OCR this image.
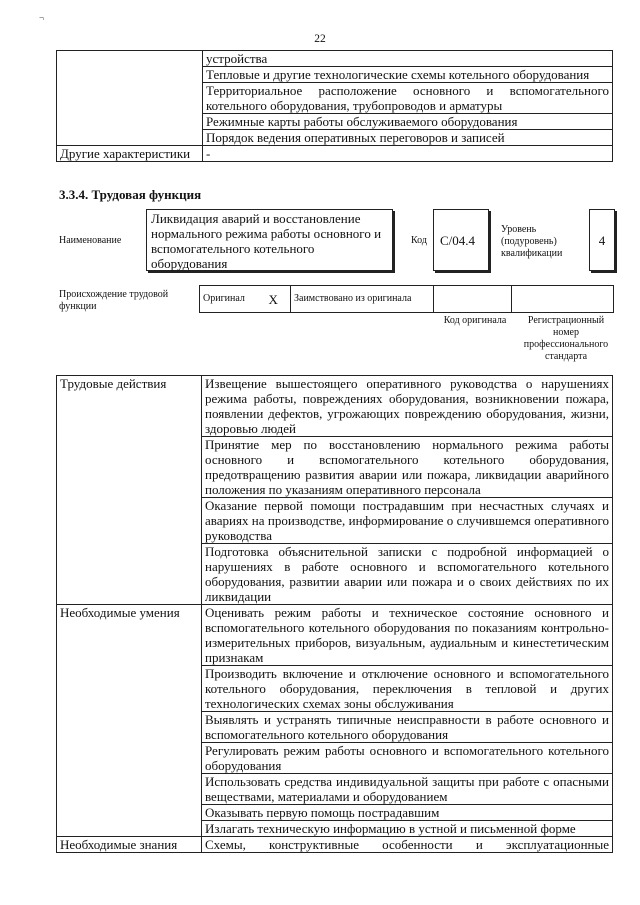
¬
22
	устройства
	Тепловые и другие технологические схемы котельного оборудования
	Территориальное расположение основного и вспомогательного котельного оборудования, трубопроводов и арматуры
	Режимные карты работы обслуживаемого оборудования
	Порядок ведения оперативных переговоров и записей
Другие характеристики	-
3.3.4. Трудовая функция
Наименование
Ликвидация аварий и восстановление нормального режима работы основного и вспомогательного котельного оборудования
Код	С/04.4
Уровень (подуровень) квалификации
4
Происхождение трудовой функции
Оригинал	Х	Заимствовано из оригинала		
Код оригинала	Регистрационный номер профессионального стандарта
Трудовые действия	Извещение вышестоящего оперативного руководства о нарушениях режима работы, повреждениях оборудования, возникновении пожара, появлении дефектов, угрожающих повреждению оборудования, жизни, здоровью людей
	Принятие мер по восстановлению нормального режима работы основного и вспомогательного котельного оборудования, предотвращению развития аварии или пожара, ликвидации аварийного положения по указаниям оперативного персонала
	Оказание первой помощи пострадавшим при несчастных случаях и авариях на производстве, информирование о случившемся оперативного руководства
	Подготовка объяснительной записки с подробной информацией о нарушениях в работе основного и вспомогательного котельного оборудования, развитии аварии или пожара и о своих действиях по их ликвидации
Необходимые умения	Оценивать режим работы и техническое состояние основного и вспомогательного котельного оборудования по показаниям контрольно-измерительных приборов, визуальным, аудиальным и кинестетическим признакам
	Производить включение и отключение основного и вспомогательного котельного оборудования, переключения в тепловой и других технологических схемах зоны обслуживания
	Выявлять и устранять типичные неисправности в работе основного и вспомогательного котельного оборудования
	Регулировать режим работы основного и вспомогательного котельного оборудования
	Использовать средства индивидуальной защиты при работе с опасными веществами, материалами и оборудованием
	Оказывать первую помощь пострадавшим
	Излагать техническую информацию в устной и письменной форме
Необходимые знания	Схемы, конструктивные особенности и эксплуатационные
